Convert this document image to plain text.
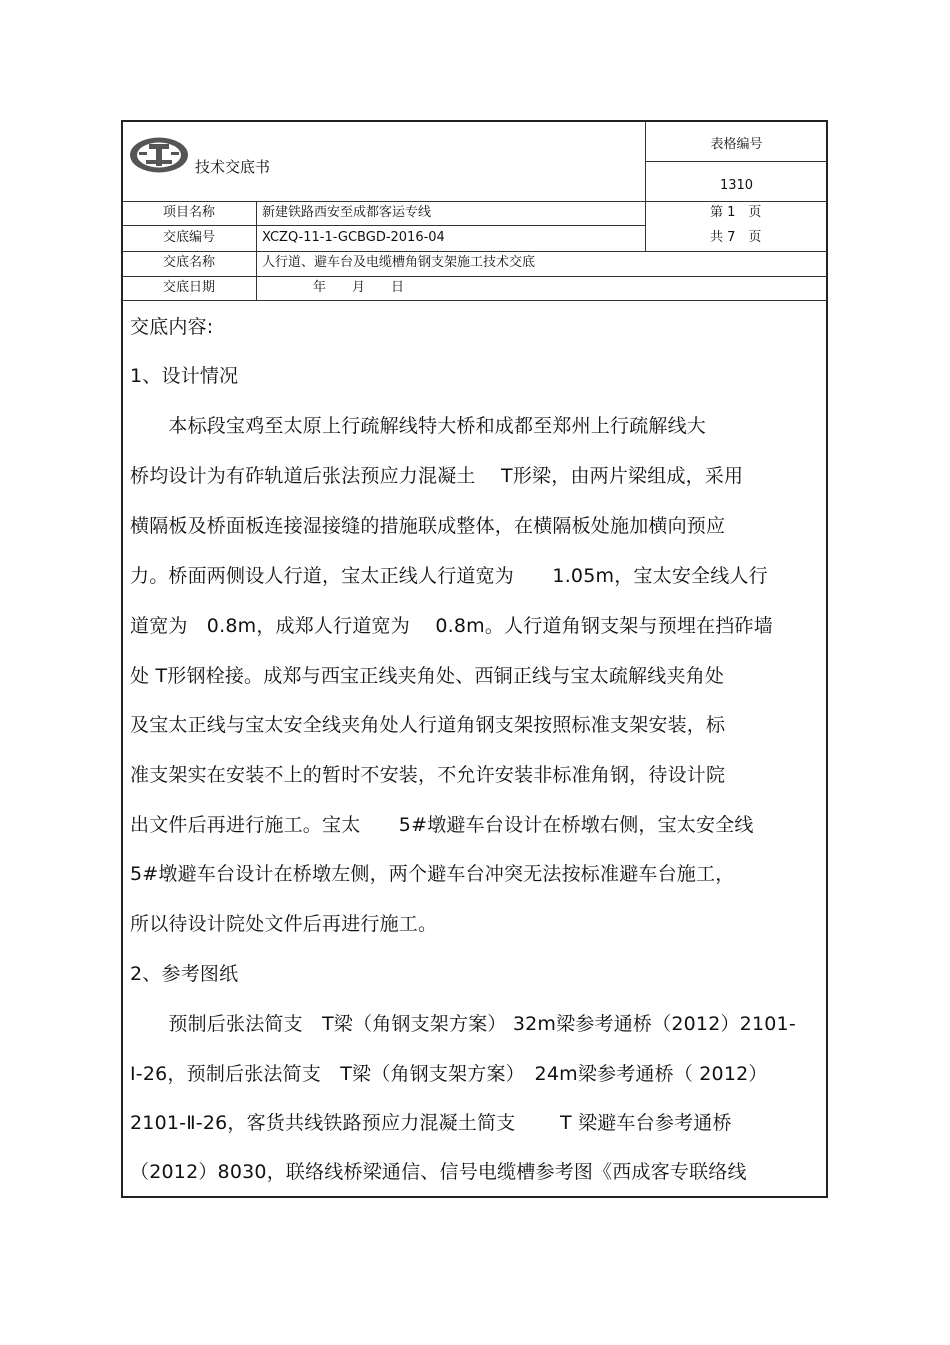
技术交底书
表格编号
1310
项目名称	新建铁路西安至成都客运专线	第 1　页
交底编号	XCZQ-11-1-GCBGD-2016-04	共 7　页
交底名称	人行道、避车台及电缆槽角钢支架施工技术交底
交底日期	年　　月　　日
交底内容:
1、设计情况
　　本标段宝鸡至太原上行疏解线特大桥和成都至郑州上行疏解线大
桥均设计为有砟轨道后张法预应力混凝土　 T形梁，由两片梁组成，采用
横隔板及桥面板连接湿接缝的措施联成整体，在横隔板处施加横向预应
力。桥面两侧设人行道，宝太正线人行道宽为　　1.05m，宝太安全线人行
道宽为　0.8m，成郑人行道宽为　 0.8m。人行道角钢支架与预埋在挡砟墙
处 T形钢栓接。成郑与西宝正线夹角处、西铜正线与宝太疏解线夹角处
及宝太正线与宝太安全线夹角处人行道角钢支架按照标准支架安装，标
准支架实在安装不上的暂时不安装，不允许安装非标准角钢，待设计院
出文件后再进行施工。宝太　　5#墩避车台设计在桥墩右侧，宝太安全线
5#墩避车台设计在桥墩左侧，两个避车台冲突无法按标准避车台施工，
所以待设计院处文件后再进行施工。
2、参考图纸
　　预制后张法简支　T梁（角钢支架方案） 32m梁参考通桥（2012）2101-
Ⅰ-26，预制后张法简支　T梁（角钢支架方案）　24m梁参考通桥（ 2012）
2101-Ⅱ-26，客货共线铁路预应力混凝土简支　　 T 梁避车台参考通桥
（2012）8030，联络线桥梁通信、信号电缆槽参考图《西成客专联络线
